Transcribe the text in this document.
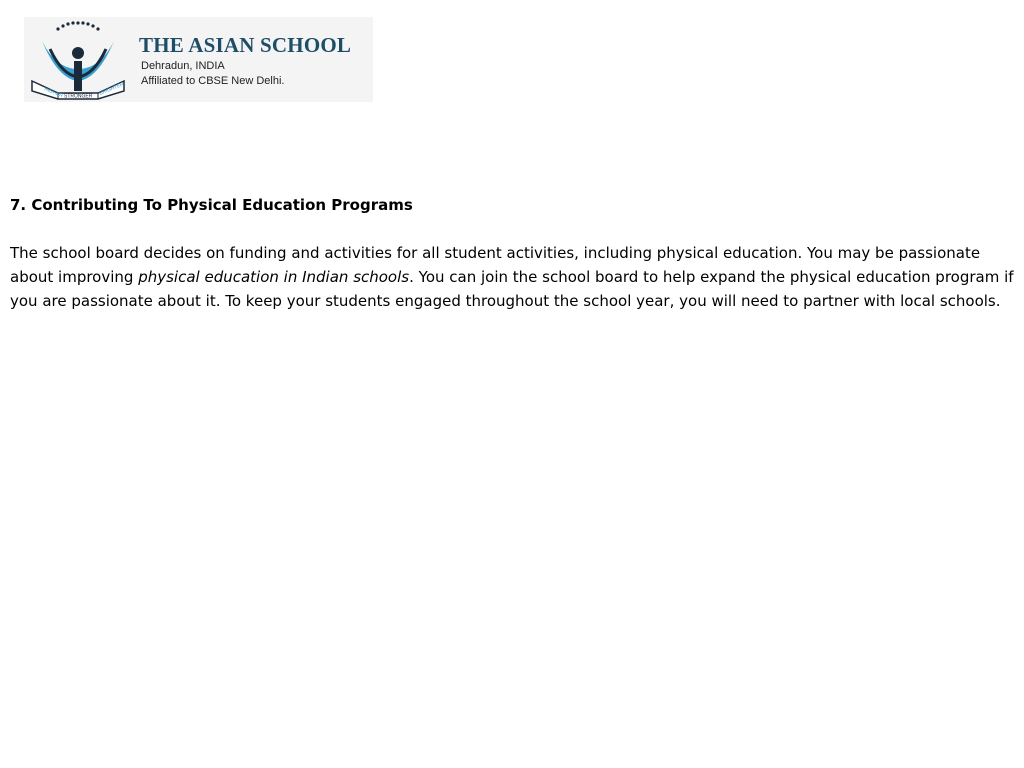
HIGHER STRONGER BRIGHTER
THE ASIAN SCHOOL
Dehradun, INDIA
Affiliated to CBSE New Delhi.
7. Contributing To Physical Education Programs

The school board decides on funding and activities for all student activities, including physical education. You may be passionate about improving physical education in Indian schools. You can join the school board to help expand the physical education program if you are passionate about it. To keep your students engaged throughout the school year, you will need to partner with local schools.
